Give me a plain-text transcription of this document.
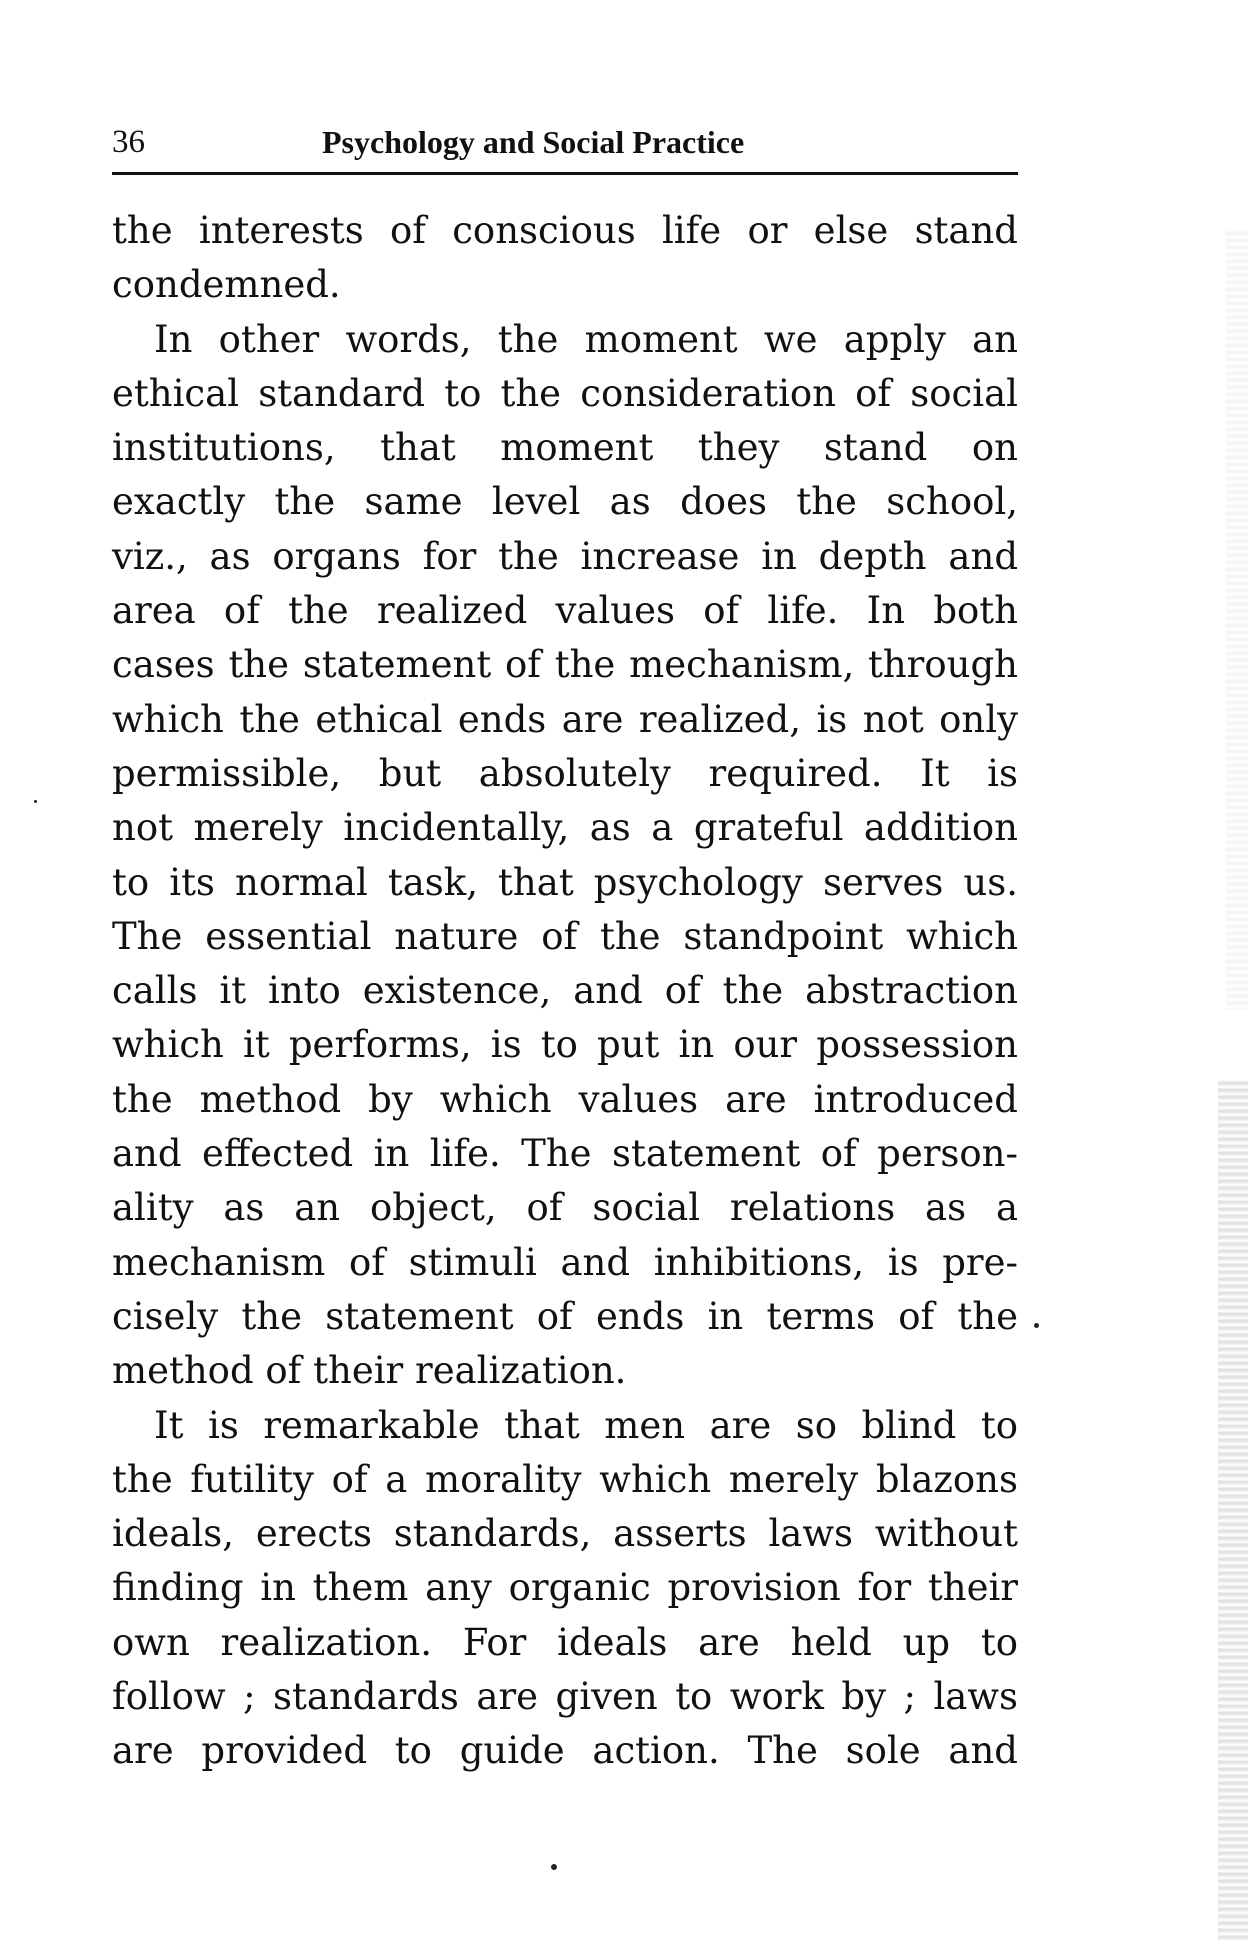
36	Psychology and Social Practice
the interests of conscious life or else stand
condemned.
In other words, the moment we apply an
ethical standard to the consideration of social
institutions, that moment they stand on
exactly the same level as does the school,
viz., as organs for the increase in depth and
area of the realized values of life. In both
cases the statement of the mechanism, through
which the ethical ends are realized, is not only
permissible, but absolutely required. It is
not merely incidentally, as a grateful addition
to its normal task, that psychology serves us.
The essential nature of the standpoint which
calls it into existence, and of the abstraction
which it performs, is to put in our possession
the method by which values are introduced
and effected in life. The statement of person-
ality as an object, of social relations as a
mechanism of stimuli and inhibitions, is pre-
cisely the statement of ends in terms of the
method of their realization.
It is remarkable that men are so blind to
the futility of a morality which merely blazons
ideals, erects standards, asserts laws without
finding in them any organic provision for their
own realization. For ideals are held up to
follow ; standards are given to work by ; laws
are provided to guide action. The sole and
